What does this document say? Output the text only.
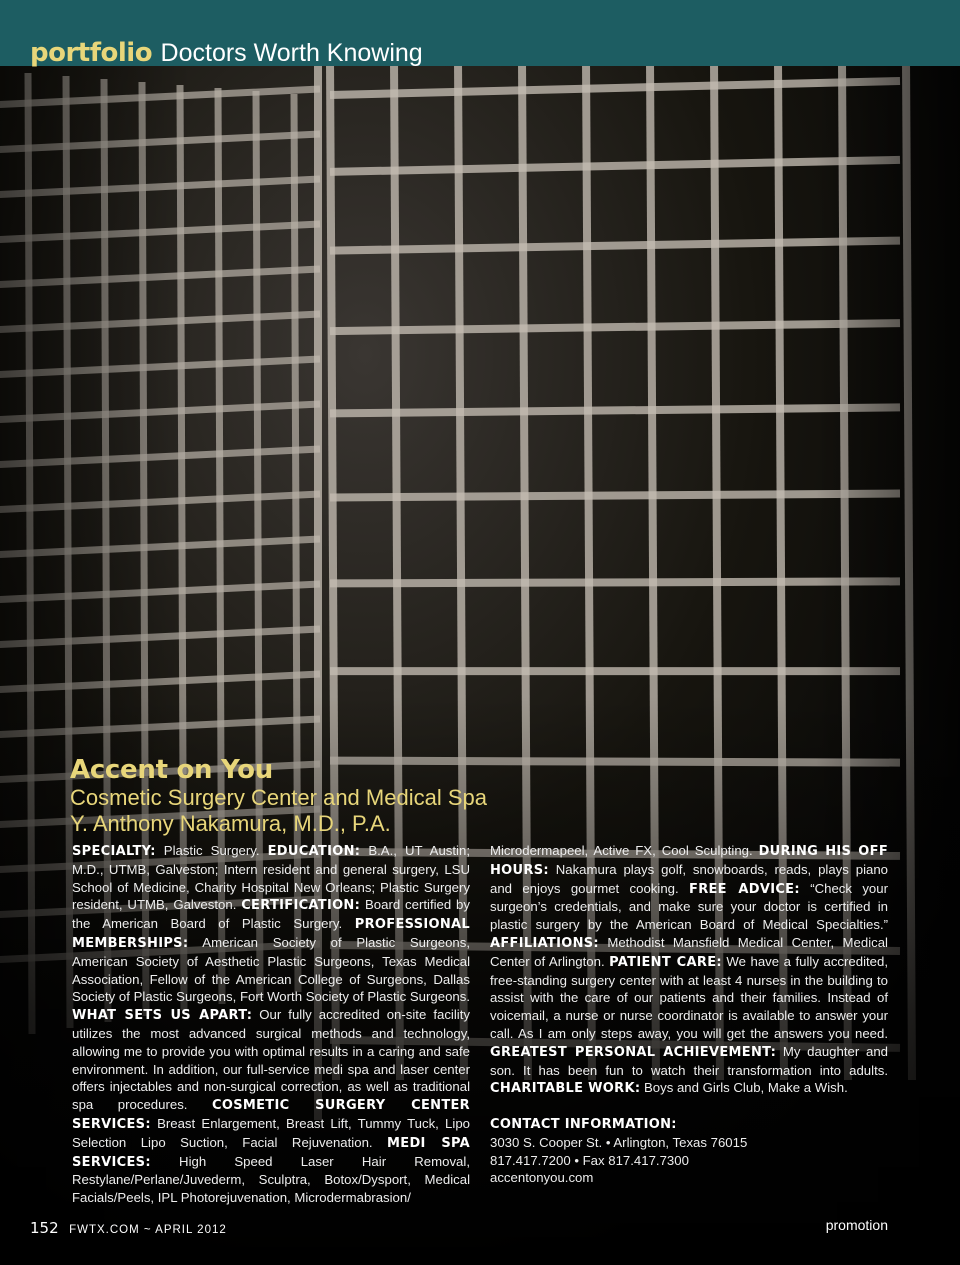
portfolio Doctors Worth Knowing
Accent on You
Cosmetic Surgery Center and Medical Spa
Y. Anthony Nakamura, M.D., P.A.

SPECIALTY: Plastic Surgery. EDUCATION: B.A., UT Austin; M.D., UTMB, Galveston; Intern resident and general surgery, LSU School of Medicine, Charity Hospital New Orleans; Plastic Surgery resident, UTMB, Galveston. CERTIFICATION: Board certified by the American Board of Plastic Surgery. PROFESSIONAL MEMBERSHIPS: American Society of Plastic Surgeons, American Society of Aesthetic Plastic Surgeons, Texas Medical Association, Fellow of the American College of Surgeons, Dallas Society of Plastic Surgeons, Fort Worth Society of Plastic Surgeons. WHAT SETS US APART: Our fully accredited on-site facility utilizes the most advanced surgical methods and technology, allowing me to provide you with optimal results in a caring and safe environment. In addition, our full-service medi spa and laser center offers injectables and non-surgical correction, as well as traditional spa procedures. COSMETIC SURGERY CENTER SERVICES: Breast Enlargement, Breast Lift, Tummy Tuck, Lipo Selection Lipo Suction, Facial Rejuvenation. MEDI SPA SERVICES: High Speed Laser Hair Removal, Restylane/Perlane/Juvederm, Sculptra, Botox/Dysport, Medical Facials/Peels, IPL Photorejuvenation, Microdermabrasion/

Microdermapeel, Active FX, Cool Sculpting. DURING HIS OFF HOURS: Nakamura plays golf, snowboards, reads, plays piano and enjoys gourmet cooking. FREE ADVICE: “Check your surgeon’s credentials, and make sure your doctor is certified in plastic surgery by the American Board of Medical Specialties.” AFFILIATIONS: Methodist Mansfield Medical Center, Medical Center of Arlington. PATIENT CARE: We have a fully accredited, free-standing surgery center with at least 4 nurses in the building to assist with the care of our patients and their families. Instead of voicemail, a nurse or nurse coordinator is available to answer your call. As I am only steps away, you will get the answers you need. GREATEST PERSONAL ACHIEVEMENT: My daughter and son. It has been fun to watch their transformation into adults. CHARITABLE WORK: Boys and Girls Club, Make a Wish.

CONTACT INFORMATION:
3030 S. Cooper St. • Arlington, Texas 76015
817.417.7200 • Fax 817.417.7300
accentonyou.com
152 FWTX.COM ~ APRIL 2012	promotion
